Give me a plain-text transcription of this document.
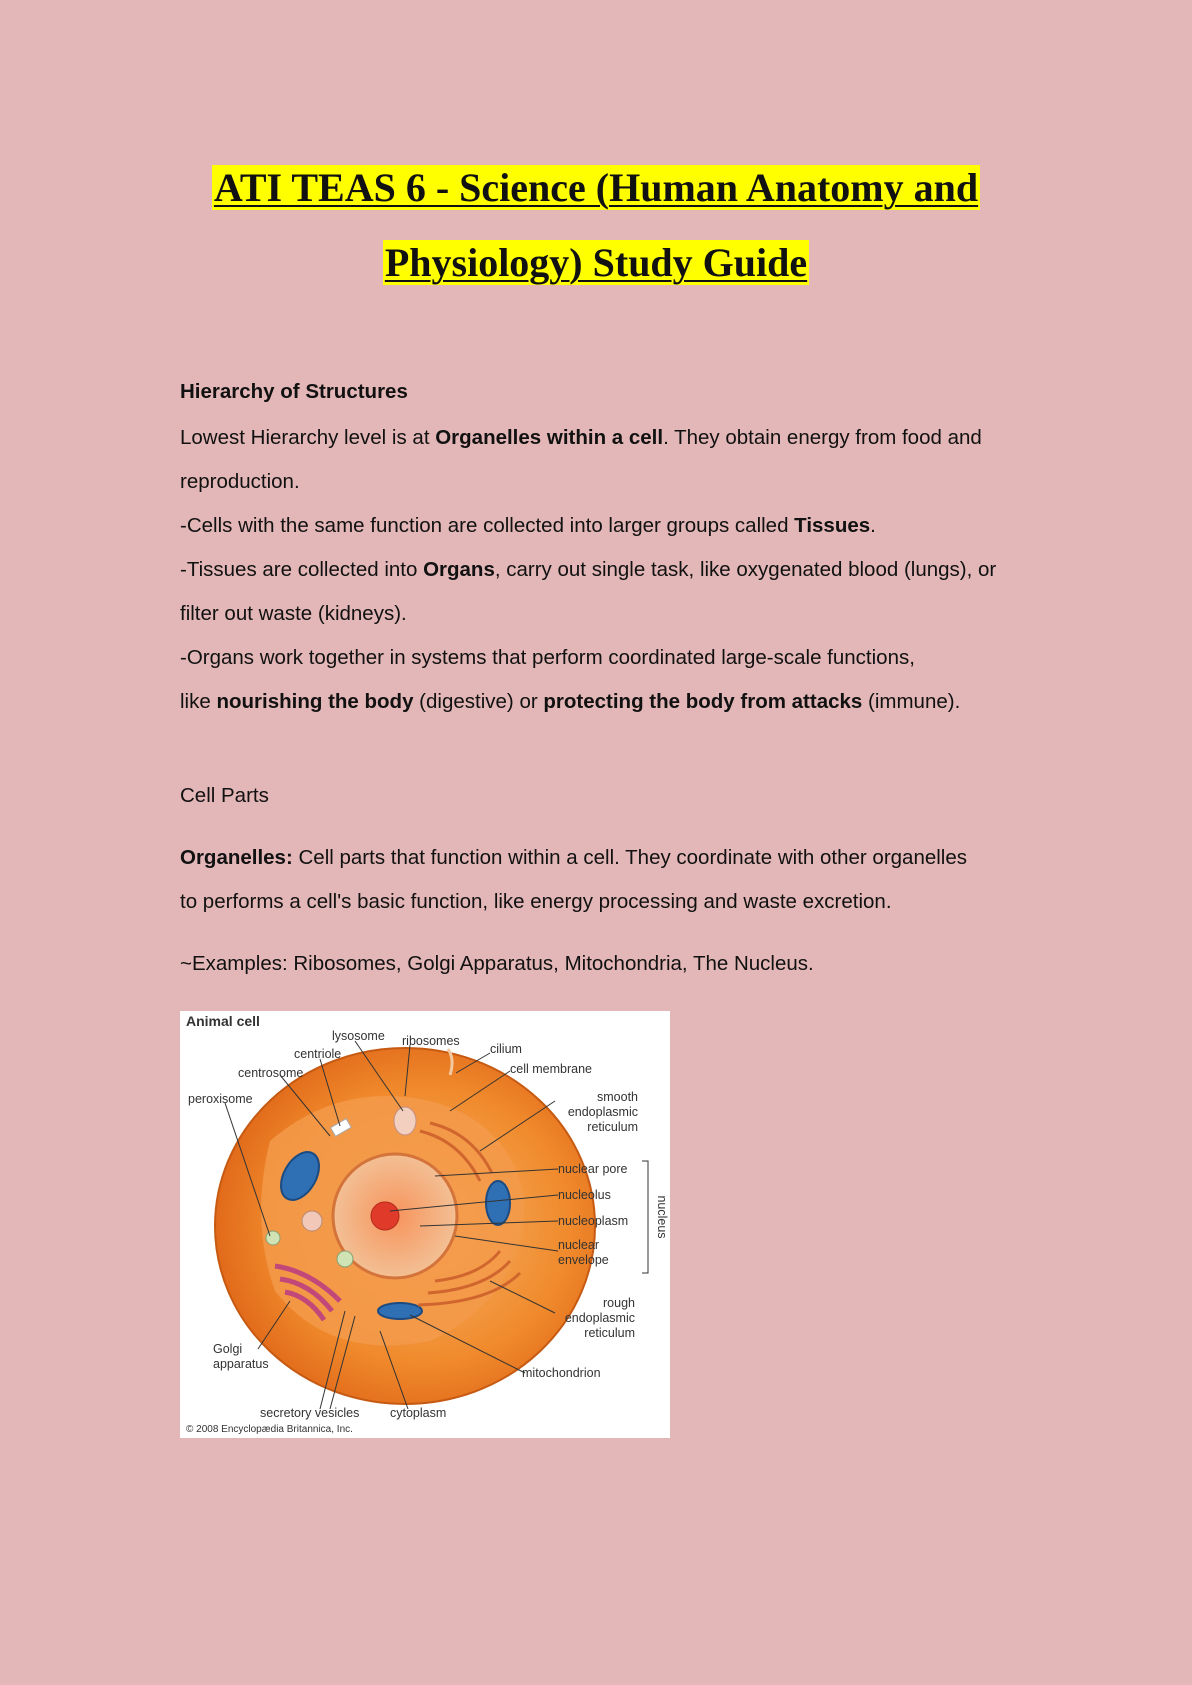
ATI TEAS 6 - Science (Human Anatomy and
Physiology) Study Guide

Hierarchy of Structures

Lowest Hierarchy level is at Organelles within a cell. They obtain energy from food and
reproduction.
-Cells with the same function are collected into larger groups called Tissues.
-Tissues are collected into Organs, carry out single task, like oxygenated blood (lungs), or
filter out waste (kidneys).
-Organs work together in systems that perform coordinated large-scale functions,
like nourishing the body (digestive) or protecting the body from attacks (immune).

Cell Parts

Organelles: Cell parts that function within a cell. They coordinate with other organelles
to performs a cell's basic function, like energy processing and waste excretion.

~Examples: Ribosomes, Golgi Apparatus, Mitochondria, The Nucleus.

Animal cell
lysosome ribosomes
cilium
centriole
cell membrane
centrosome
smooth
endoplasmic
reticulum
peroxisome
nuclear pore
nucleolus
nucleoplasm
nuclear
envelope
nucleus
rough
endoplasmic
reticulum
Golgi
apparatus
mitochondrion
secretory vesicles cytoplasm
© 2008 Encyclopædia Britannica, Inc.
